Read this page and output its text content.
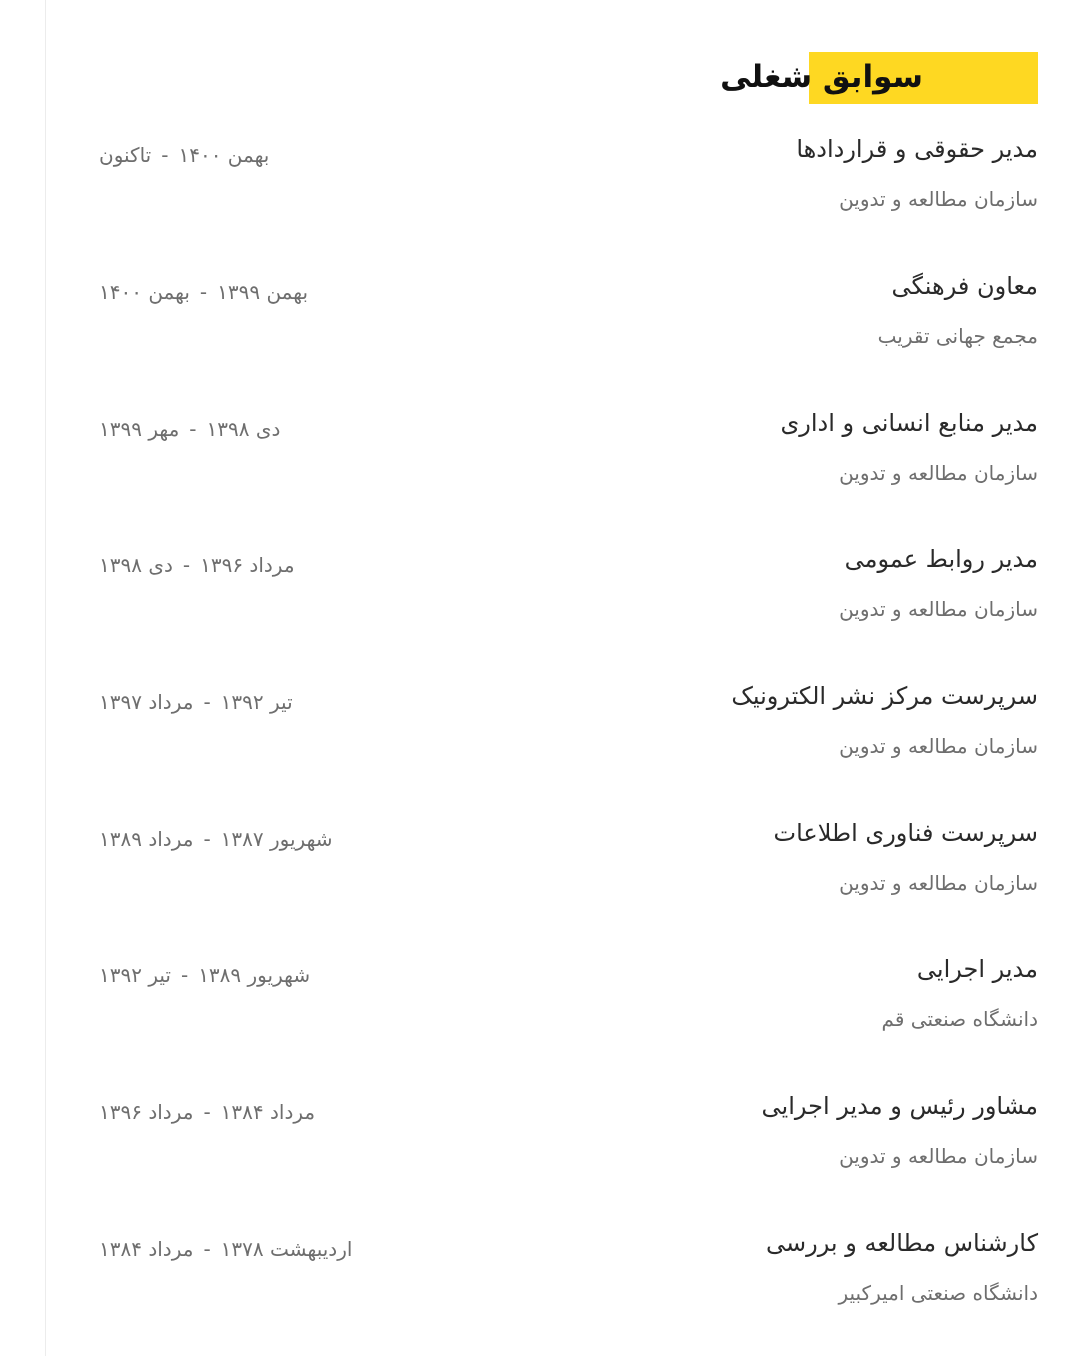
سوابق شغلی
مدیر حقوقی و قراردادها
سازمان مطالعه و تدوین
بهمن ۱۴۰۰-تاکنون
معاون فرهنگی
مجمع جهانی تقریب
بهمن ۱۳۹۹-بهمن ۱۴۰۰
مدیر منابع انسانی و اداری
سازمان مطالعه و تدوین
دی ۱۳۹۸-مهر ۱۳۹۹
مدیر روابط عمومی
سازمان مطالعه و تدوین
مرداد ۱۳۹۶-دی ۱۳۹۸
سرپرست مرکز نشر الکترونیک
سازمان مطالعه و تدوین
تیر ۱۳۹۲-مرداد ۱۳۹۷
سرپرست فناوری اطلاعات
سازمان مطالعه و تدوین
شهریور ۱۳۸۷-مرداد ۱۳۸۹
مدیر اجرایی
دانشگاه صنعتی قم
شهریور ۱۳۸۹-تیر ۱۳۹۲
مشاور رئیس و مدیر اجرایی
سازمان مطالعه و تدوین
مرداد ۱۳۸۴-مرداد ۱۳۹۶
کارشناس مطالعه و بررسی
دانشگاه صنعتی امیرکبیر
اردیبهشت ۱۳۷۸-مرداد ۱۳۸۴
